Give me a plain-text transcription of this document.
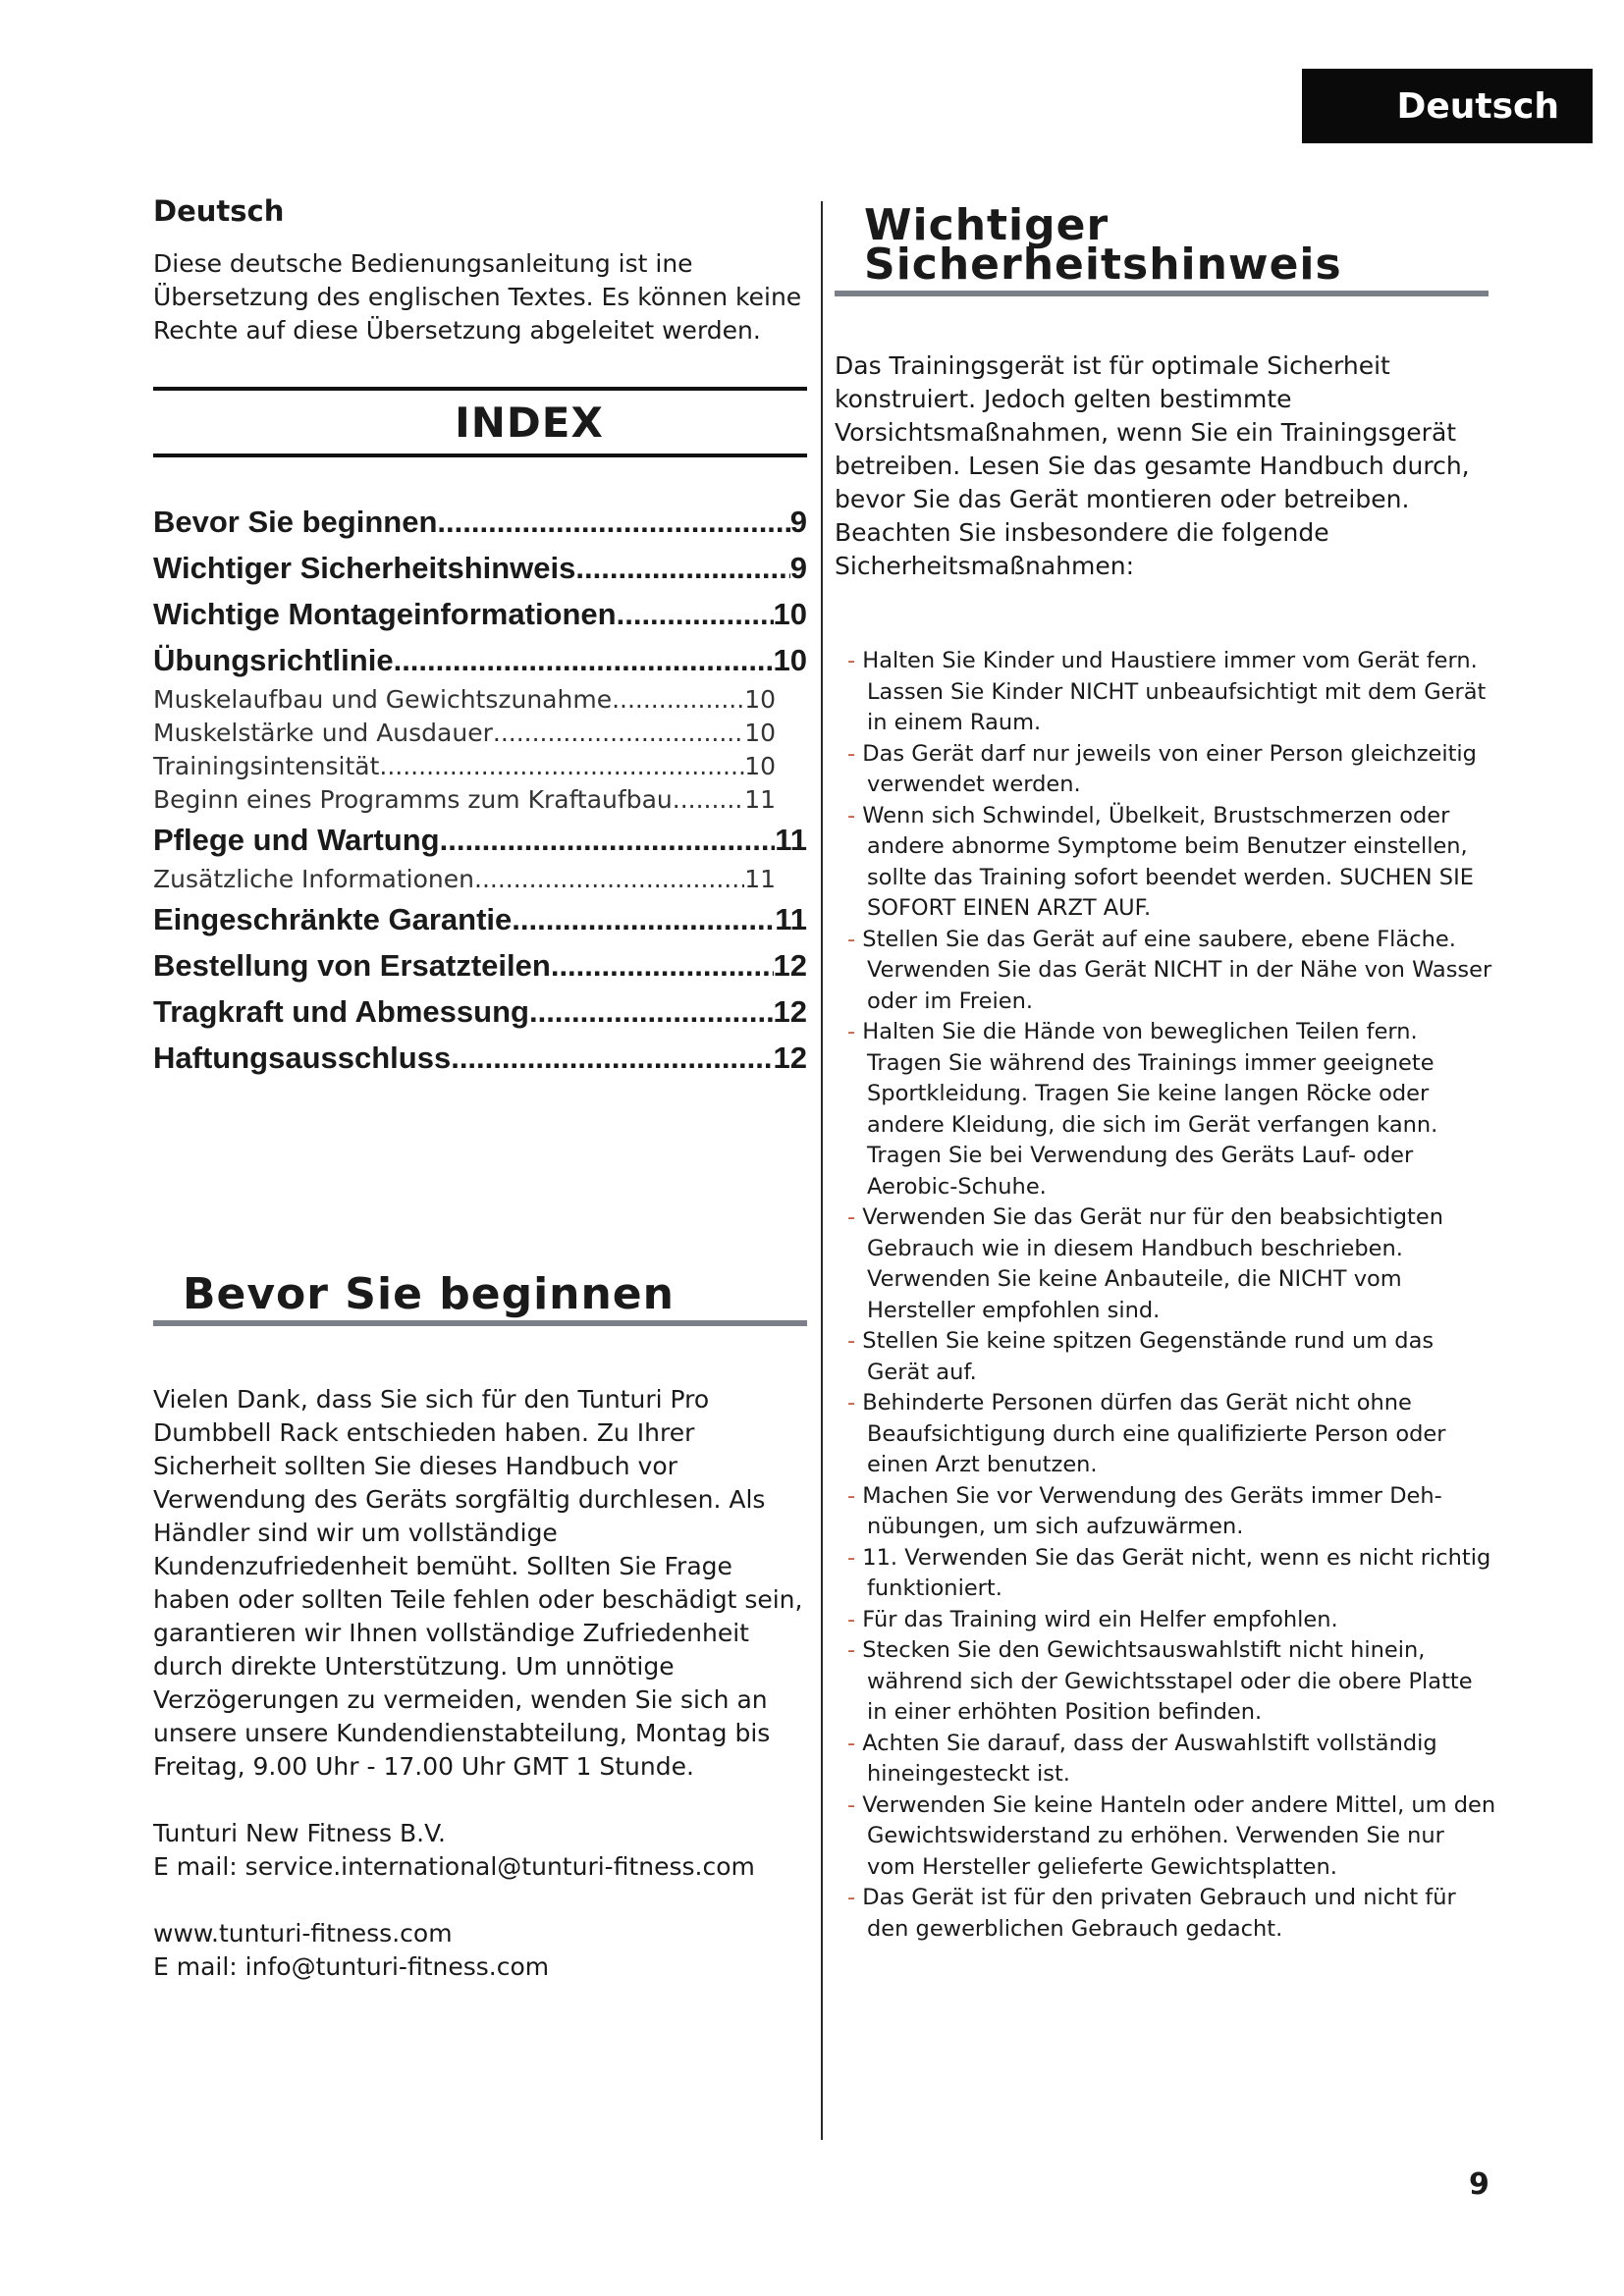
Deutsch
Deutsch

Diese deutsche Bedienungsanleitung ist ine Übersetzung des englischen Textes. Es können keine Rechte auf diese Übersetzung abgeleitet werden.

INDEX
Bevor Sie beginnen .....	9
Wichtiger Sicherheitshinweis .....	9
Wichtige Montageinformationen .....	10
Übungsrichtlinie .....	10
Muskelaufbau und Gewichtszunahme .....	10
Muskelstärke und Ausdauer .....	10
Trainingsintensität .....	10
Beginn eines Programms zum Kraftaufbau .....	11
Pflege und Wartung .....	11
Zusätzliche Informationen .....	11
Eingeschränkte Garantie .....	11
Bestellung von Ersatzteilen .....	12
Tragkraft und Abmessung .....	12
Haftungsausschluss .....	12
Bevor Sie beginnen

Vielen Dank, dass Sie sich für den Tunturi Pro Dumbbell Rack entschieden haben. Zu Ihrer Sicherheit sollten Sie dieses Handbuch vor Verwendung des Geräts sorgfältig durchlesen. Als Händler sind wir um vollständige Kundenzufriedenheit bemüht. Sollten Sie Frage haben oder sollten Teile fehlen oder beschädigt sein, garantieren wir Ihnen vollständige Zufriedenheit durch direkte Unterstützung. Um unnötige Verzögerungen zu vermeiden, wenden Sie sich an unsere unsere Kundendienstabteilung, Montag bis Freitag, 9.00 Uhr - 17.00 Uhr GMT 1 Stunde.

Tunturi New Fitness B.V.

E mail: service.international@tunturi-fitness.com

www.tunturi-fitness.com

E mail: info@tunturi-fitness.com

Wichtiger
Sicherheitshinweis

Das Trainingsgerät ist für optimale Sicherheit konstruiert. Jedoch gelten bestimmte Vorsichtsmaßnahmen, wenn Sie ein Trainingsgerät betreiben. Lesen Sie das gesamte Handbuch durch, bevor Sie das Gerät montieren oder betreiben. Beachten Sie insbesondere die folgende Sicherheitsmaßnahmen:

- Halten Sie Kinder und Haustiere immer vom Gerät fern. Lassen Sie Kinder NICHT unbeaufsichtigt mit dem Gerät in einem Raum.
- Das Gerät darf nur jeweils von einer Person gleichzeitig verwendet werden.
- Wenn sich Schwindel, Übelkeit, Brustschmerzen oder andere abnorme Symptome beim Benutzer einstellen, sollte das Training sofort beendet werden. SUCHEN SIE SOFORT EINEN ARZT AUF.
- Stellen Sie das Gerät auf eine saubere, ebene Fläche. Verwenden Sie das Gerät NICHT in der Nähe von Wasser oder im Freien.
- Halten Sie die Hände von beweglichen Teilen fern. Tragen Sie während des Trainings immer geeignete Sportkleidung. Tragen Sie keine langen Röcke oder andere Kleidung, die sich im Gerät verfangen kann. Tragen Sie bei Verwendung des Geräts Lauf- oder Aerobic-Schuhe.
- Verwenden Sie das Gerät nur für den beabsichtigten Gebrauch wie in diesem Handbuch beschrieben. Verwenden Sie keine Anbauteile, die NICHT vom Hersteller empfohlen sind.
- Stellen Sie keine spitzen Gegenstände rund um das Gerät auf.
- Behinderte Personen dürfen das Gerät nicht ohne Beaufsichtigung durch eine qualifizierte Person oder einen Arzt benutzen.
- Machen Sie vor Verwendung des Geräts immer Deh-nübungen, um sich aufzuwärmen.
- 11. Verwenden Sie das Gerät nicht, wenn es nicht richtig funktioniert.
- Für das Training wird ein Helfer empfohlen.
- Stecken Sie den Gewichtsauswahlstift nicht hinein, während sich der Gewichtsstapel oder die obere Platte in einer erhöhten Position befinden.
- Achten Sie darauf, dass der Auswahlstift vollständig hineingesteckt ist.
- Verwenden Sie keine Hanteln oder andere Mittel, um den Gewichtswiderstand zu erhöhen. Verwenden Sie nur vom Hersteller gelieferte Gewichtsplatten.
- Das Gerät ist für den privaten Gebrauch und nicht für den gewerblichen Gebrauch gedacht.
9
